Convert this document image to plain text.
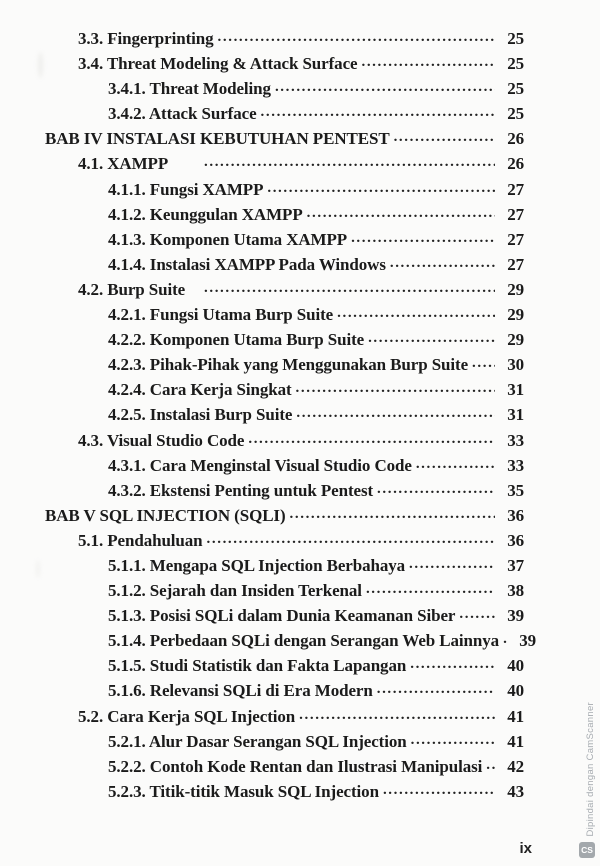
3.3. Fingerprinting .....	25
3.4. Threat Modeling & Attack Surface .....	25
3.4.1. Threat Modeling .....	25
3.4.2. Attack Surface .....	25
BAB IV INSTALASI KEBUTUHAN PENTEST .....	26
4.1. XAMPP .....	26
4.1.1. Fungsi XAMPP .....	27
4.1.2. Keunggulan XAMPP .....	27
4.1.3. Komponen Utama XAMPP .....	27
4.1.4. Instalasi XAMPP Pada Windows .....	27
4.2. Burp Suite .....	29
4.2.1. Fungsi Utama Burp Suite .....	29
4.2.2. Komponen Utama Burp Suite .....	29
4.2.3. Pihak-Pihak yang Menggunakan Burp Suite .....	30
4.2.4. Cara Kerja Singkat .....	31
4.2.5. Instalasi Burp Suite .....	31
4.3. Visual Studio Code .....	33
4.3.1. Cara Menginstal Visual Studio Code .....	33
4.3.2. Ekstensi Penting untuk Pentest .....	35
BAB V SQL INJECTION (SQLI) .....	36
5.1. Pendahuluan .....	36
5.1.1. Mengapa SQL Injection Berbahaya .....	37
5.1.2. Sejarah dan Insiden Terkenal .....	38
5.1.3. Posisi SQLi dalam Dunia Keamanan Siber .....	39
5.1.4. Perbedaan SQLi dengan Serangan Web Lainnya .....	39
5.1.5. Studi Statistik dan Fakta Lapangan .....	40
5.1.6. Relevansi SQLi di Era Modern .....	40
5.2. Cara Kerja SQL Injection .....	41
5.2.1. Alur Dasar Serangan SQL Injection .....	41
5.2.2. Contoh Kode Rentan dan Ilustrasi Manipulasi .....	42
5.2.3. Titik-titik Masuk SQL Injection .....	43
ix
Dipindai dengan CamScanner
CS
